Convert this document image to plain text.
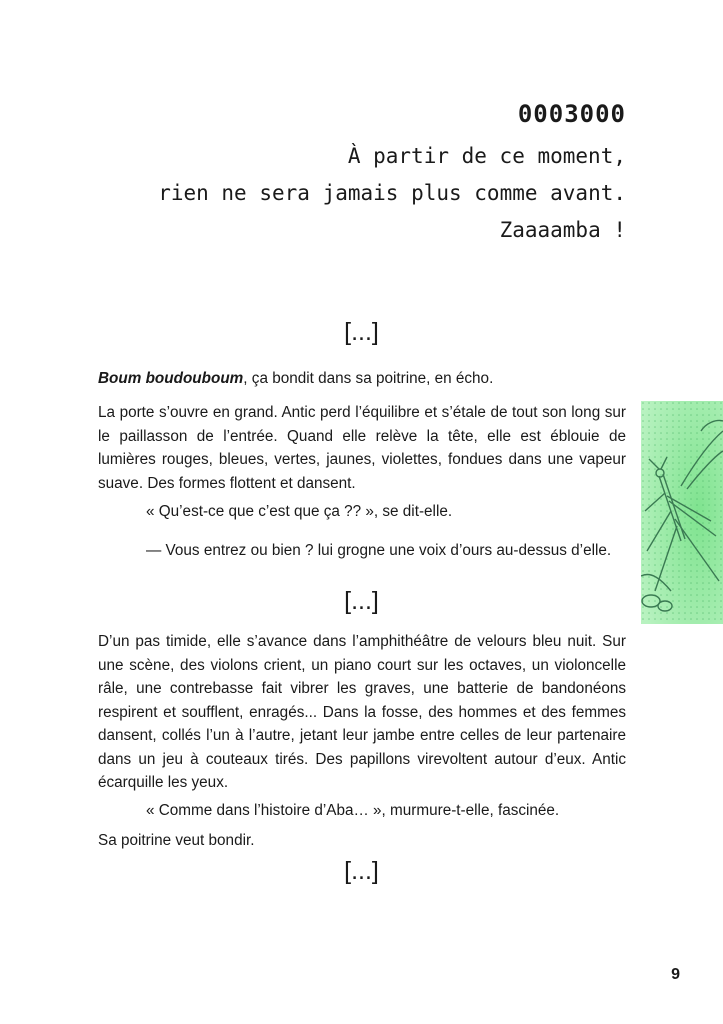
0003000
À partir de ce moment,
rien ne sera jamais plus comme avant.
Zaaaamba !
[...]
Boum boudouboum, ça bondit dans sa poitrine, en écho.
La porte s’ouvre en grand. Antic perd l’équilibre et s’étale de tout son long sur le paillasson de l’entrée. Quand elle relève la tête, elle est éblouie de lumières rouges, bleues, vertes, jaunes, violettes, fondues dans une vapeur suave. Des formes flottent et dansent.
« Qu’est-ce que c’est que ça ?? », se dit-elle.
— Vous entrez ou bien ? lui grogne une voix d’ours au-dessus d’elle.
[...]
D’un pas timide, elle s’avance dans l’amphithéâtre de velours bleu nuit. Sur une scène, des violons crient, un piano court sur les octaves, un violoncelle râle, une contrebasse fait vibrer les graves, une batterie de bandonéons respirent et soufflent, enragés... Dans la fosse, des hommes et des femmes dansent, collés l’un à l’autre, jetant leur jambe entre celles de leur partenaire dans un jeu à couteaux tirés. Des papillons virevoltent autour d’eux. Antic écarquille les yeux.
« Comme dans l’histoire d’Aba… », murmure-t-elle, fascinée.
Sa poitrine veut bondir.
[...]
9
